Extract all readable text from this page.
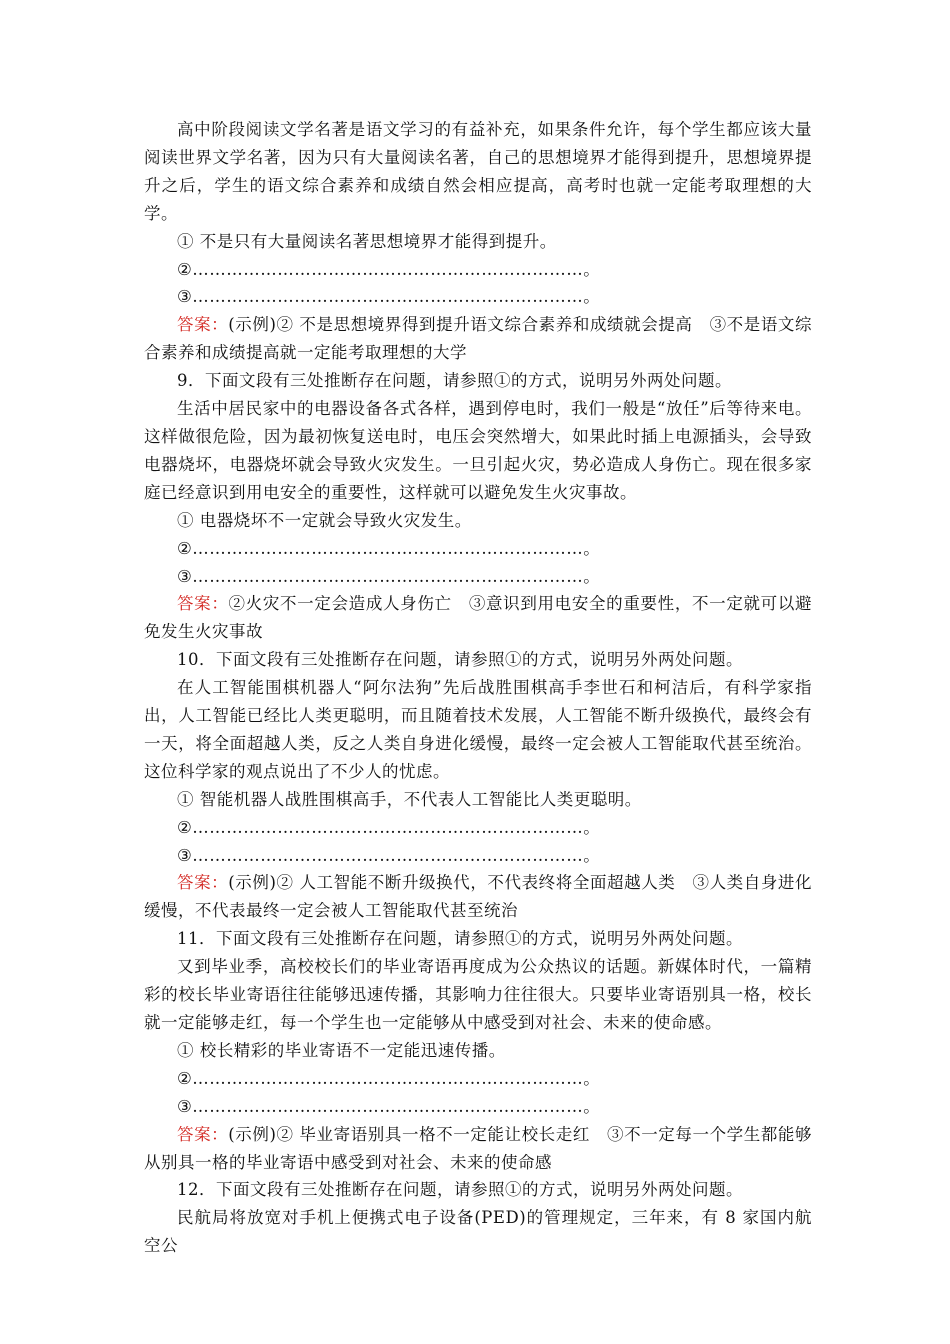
高中阶段阅读文学名著是语文学习的有益补充，如果条件允许，每个学生都应该大量阅读世界文学名著，因为只有大量阅读名著，自己的思想境界才能得到提升，思想境界提升之后，学生的语文综合素养和成绩自然会相应提高，高考时也就一定能考取理想的大学。

① 不是只有大量阅读名著思想境界才能得到提升。

②……………………………………………………………。

③……………………………………………………………。

答案：(示例)② 不是思想境界得到提升语文综合素养和成绩就会提高　③不是语文综合素养和成绩提高就一定能考取理想的大学

9．下面文段有三处推断存在问题，请参照①的方式，说明另外两处问题。

生活中居民家中的电器设备各式各样，遇到停电时，我们一般是“放任”后等待来电。这样做很危险，因为最初恢复送电时，电压会突然增大，如果此时插上电源插头，会导致电器烧坏，电器烧坏就会导致火灾发生。一旦引起火灾，势必造成人身伤亡。现在很多家庭已经意识到用电安全的重要性，这样就可以避免发生火灾事故。

① 电器烧坏不一定就会导致火灾发生。

②……………………………………………………………。

③……………………………………………………………。

答案：②火灾不一定会造成人身伤亡　③意识到用电安全的重要性，不一定就可以避免发生火灾事故

10．下面文段有三处推断存在问题，请参照①的方式，说明另外两处问题。

在人工智能围棋机器人“阿尔法狗”先后战胜围棋高手李世石和柯洁后，有科学家指出，人工智能已经比人类更聪明，而且随着技术发展，人工智能不断升级换代，最终会有一天，将全面超越人类，反之人类自身进化缓慢，最终一定会被人工智能取代甚至统治。这位科学家的观点说出了不少人的忧虑。

① 智能机器人战胜围棋高手，不代表人工智能比人类更聪明。

②……………………………………………………………。

③……………………………………………………………。

答案：(示例)② 人工智能不断升级换代，不代表终将全面超越人类　③人类自身进化缓慢，不代表最终一定会被人工智能取代甚至统治

11．下面文段有三处推断存在问题，请参照①的方式，说明另外两处问题。

又到毕业季，高校校长们的毕业寄语再度成为公众热议的话题。新媒体时代，一篇精彩的校长毕业寄语往往能够迅速传播，其影响力往往很大。只要毕业寄语别具一格，校长就一定能够走红，每一个学生也一定能够从中感受到对社会、未来的使命感。

① 校长精彩的毕业寄语不一定能迅速传播。

②……………………………………………………………。

③……………………………………………………………。

答案：(示例)② 毕业寄语别具一格不一定能让校长走红　③不一定每一个学生都能够从别具一格的毕业寄语中感受到对社会、未来的使命感

12．下面文段有三处推断存在问题，请参照①的方式，说明另外两处问题。

民航局将放宽对手机上便携式电子设备(PED)的管理规定，三年来，有 8 家国内航空公
